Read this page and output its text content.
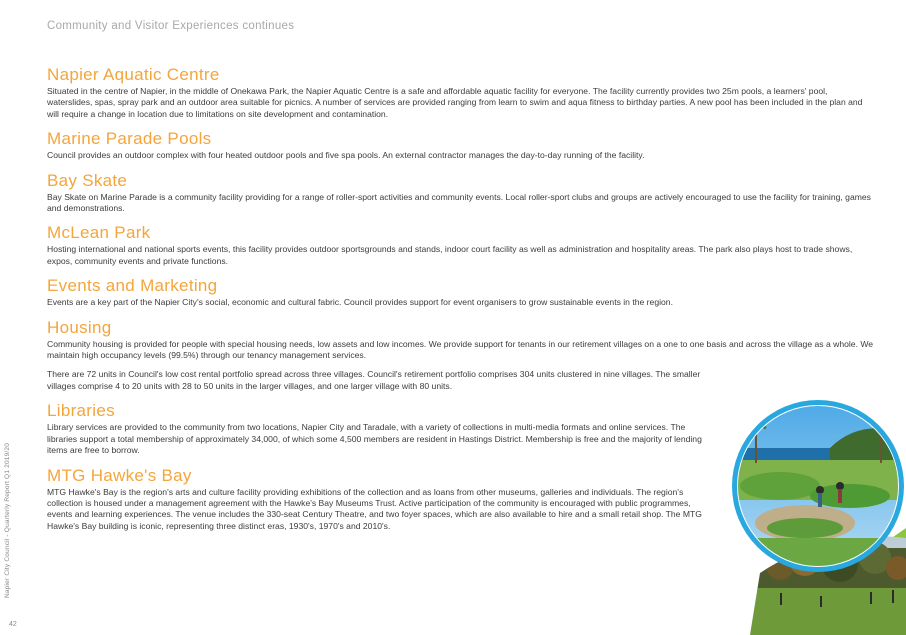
Community and Visitor Experiences continues
Napier City Council - Quarterly Report Q1 2019/20
42
Napier Aquatic Centre

Situated in the centre of Napier, in the middle of Onekawa Park, the Napier Aquatic Centre is a safe and affordable aquatic facility for everyone. The facility currently provides two 25m pools, a learners' pool, waterslides, spas, spray park and an outdoor area suitable for picnics. A number of services are provided ranging from learn to swim and aqua fitness to birthday parties. A new pool has been included in the plan and will require a change in location due to limitations on site development and contamination.

Marine Parade Pools

Council provides an outdoor complex with four heated outdoor pools and five spa pools. An external contractor manages the day-to-day running of the facility.

Bay Skate

Bay Skate on Marine Parade is a community facility providing for a range of roller-sport activities and community events. Local roller-sport clubs and groups are actively encouraged to use the facility for training, games and demonstrations.

McLean Park

Hosting international and national sports events, this facility provides outdoor sportsgrounds and stands, indoor court facility as well as administration and hospitality areas. The park also plays host to trade shows, expos, community events and private functions.

Events and Marketing

Events are a key part of the Napier City's social, economic and cultural fabric. Council provides support for event organisers to grow sustainable events in the region.

Housing

Community housing is provided for people with special housing needs, low assets and low incomes. We provide support for tenants in our retirement villages on a one to one basis and across the village as a whole. We maintain high occupancy levels (99.5%) through our tenancy management services.

There are 72 units in Council's low cost rental portfolio spread across three villages. Council's retirement portfolio comprises 304 units clustered in nine villages. The smaller villages comprise 4 to 20 units with 28 to 50 units in the larger villages, and one larger village with 80 units.

Libraries

Library services are provided to the community from two locations, Napier City and Taradale, with a variety of collections in multi-media formats and online services. The libraries support a total membership of approximately 34,000, of which some 4,500 members are resident in Hastings District. Membership is free and the majority of lending items are free to borrow.

MTG Hawke's Bay

MTG Hawke's Bay is the region's arts and culture facility providing exhibitions of the collection and as loans from other museums, galleries and individuals. The region's collection is housed under a management agreement with the Hawke's Bay Museums Trust. Active participation of the community is encouraged with public programmes, events and learning experiences. The venue includes the 330-seat Century Theatre, and two foyer spaces, which are also available to hire and a small retail shop. The MTG Hawke's Bay building is iconic, representing three distinct eras, 1930's, 1970's and 2010's.
